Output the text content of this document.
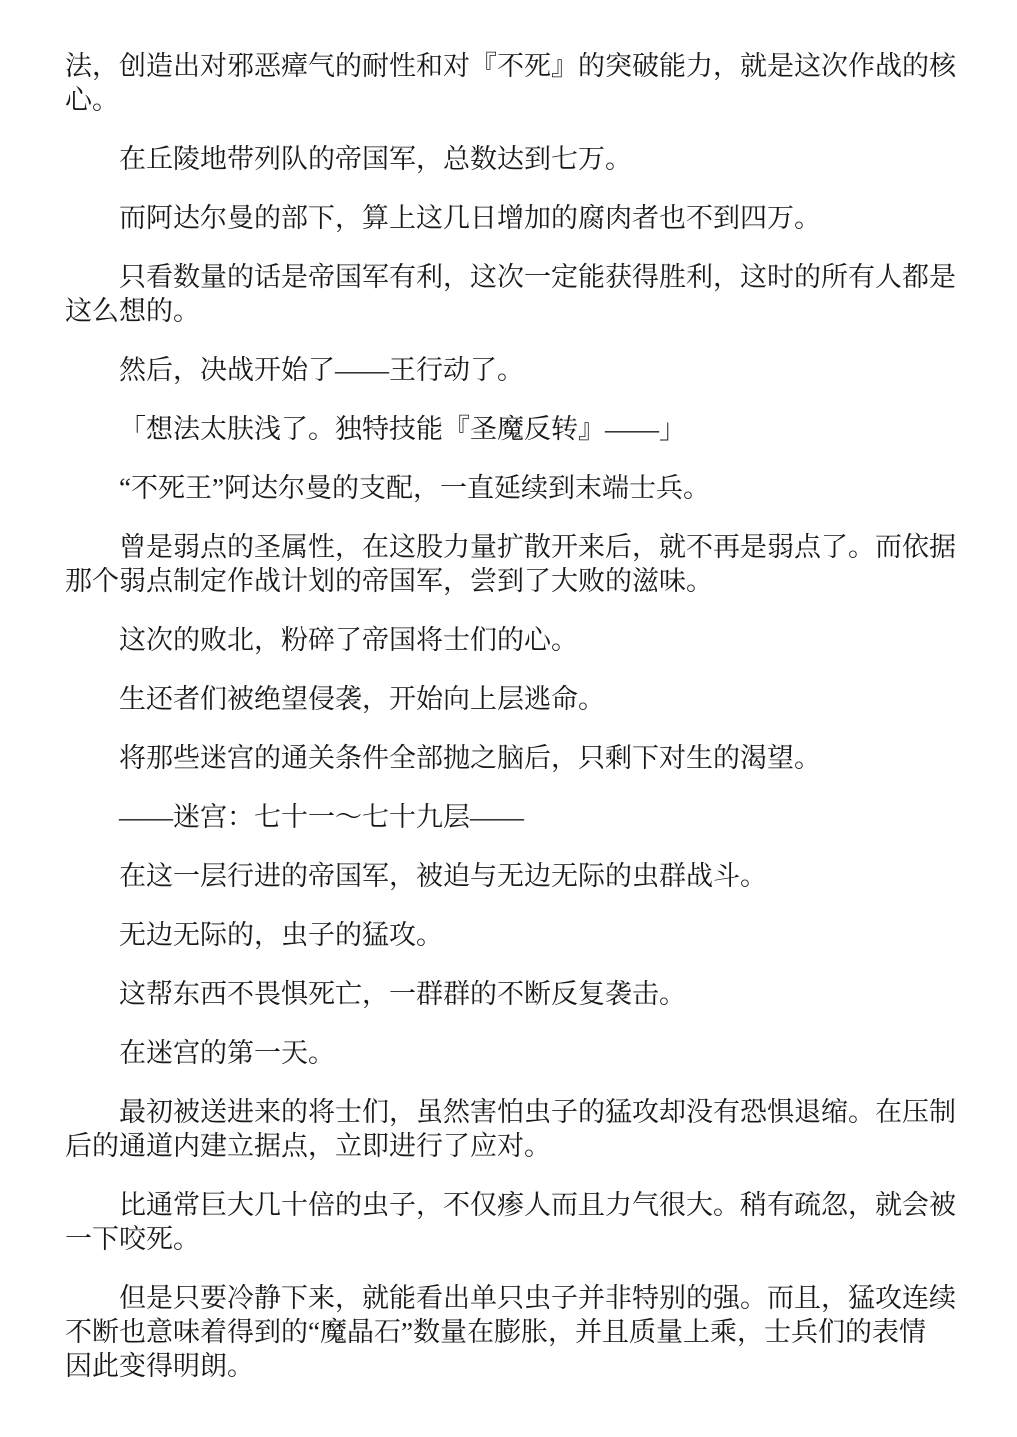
法，创造出对邪恶瘴气的耐性和对『不死』的突破能力，就是这次作战的核
心。
在丘陵地带列队的帝国军，总数达到七万。
而阿达尔曼的部下，算上这几日增加的腐肉者也不到四万。
只看数量的话是帝国军有利，这次一定能获得胜利，这时的所有人都是
这么想的。
然后，决战开始了——王行动了。
「想法太肤浅了。独特技能『圣魔反转』——」
“不死王”阿达尔曼的支配，一直延续到末端士兵。
曾是弱点的圣属性，在这股力量扩散开来后，就不再是弱点了。而依据
那个弱点制定作战计划的帝国军，尝到了大败的滋味。
这次的败北，粉碎了帝国将士们的心。
生还者们被绝望侵袭，开始向上层逃命。
将那些迷宫的通关条件全部抛之脑后，只剩下对生的渴望。
——迷宫：七十一～七十九层——
在这一层行进的帝国军，被迫与无边无际的虫群战斗。
无边无际的，虫子的猛攻。
这帮东西不畏惧死亡，一群群的不断反复袭击。
在迷宫的第一天。
最初被送进来的将士们，虽然害怕虫子的猛攻却没有恐惧退缩。在压制
后的通道内建立据点，立即进行了应对。
比通常巨大几十倍的虫子，不仅瘆人而且力气很大。稍有疏忽，就会被
一下咬死。
但是只要冷静下来，就能看出单只虫子并非特别的强。而且，猛攻连续
不断也意味着得到的“魔晶石”数量在膨胀，并且质量上乘，士兵们的表情
因此变得明朗。
